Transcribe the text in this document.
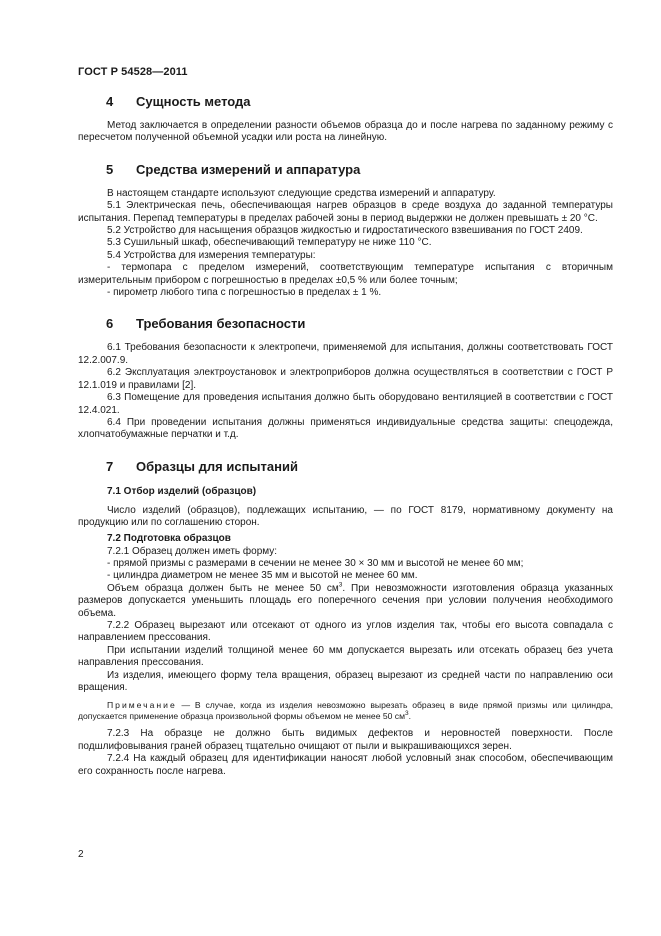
ГОСТ Р 54528—2011
4 Сущность метода

Метод заключается в определении разности объемов образца до и после нагрева по заданному режиму с пересчетом полученной объемной усадки или роста на линейную.

5 Средства измерений и аппаратура

В настоящем стандарте используют следующие средства измерений и аппаратуру.

5.1 Электрическая печь, обеспечивающая нагрев образцов в среде воздуха до заданной температуры испытания. Перепад температуры в пределах рабочей зоны в период выдержки не должен превышать ± 20 °С.

5.2 Устройство для насыщения образцов жидкостью и гидростатического взвешивания по ГОСТ 2409.

5.3 Сушильный шкаф, обеспечивающий температуру не ниже 110 °С.

5.4 Устройства для измерения температуры:

- термопара с пределом измерений, соответствующим температуре испытания с вторичным измерительным прибором с погрешностью в пределах ±0,5 % или более точным;

- пирометр любого типа с погрешностью в пределах ± 1 %.

6 Требования безопасности

6.1 Требования безопасности к электропечи, применяемой для испытания, должны соответствовать ГОСТ 12.2.007.9.

6.2 Эксплуатация электроустановок и электроприборов должна осуществляться в соответствии с ГОСТ Р 12.1.019 и правилами [2].

6.3 Помещение для проведения испытания должно быть оборудовано вентиляцией в соответствии с ГОСТ 12.4.021.

6.4 При проведении испытания должны применяться индивидуальные средства защиты: спецодежда, хлопчатобумажные перчатки и т.д.

7 Образцы для испытаний
7.1 Отбор изделий (образцов)

Число изделий (образцов), подлежащих испытанию, — по ГОСТ 8179, нормативному документу на продукцию или по соглашению сторон.

7.2 Подготовка образцов

7.2.1 Образец должен иметь форму:

- прямой призмы с размерами в сечении не менее 30 × 30 мм и высотой не менее 60 мм;

- цилиндра диаметром не менее 35 мм и высотой не менее 60 мм.

Объем образца должен быть не менее 50 $см^3$. При невозможности изготовления образца указанных размеров допускается уменьшить площадь его поперечного сечения при условии получения необходимого объема.

7.2.2 Образец вырезают или отсекают от одного из углов изделия так, чтобы его высота совпадала с направлением прессования.

При испытании изделий толщиной менее 60 мм допускается вырезать или отсекать образец без учета направления прессования.

Из изделия, имеющего форму тела вращения, образец вырезают из средней части по направлению оси вращения.

Примечание — В случае, когда из изделия невозможно вырезать образец в виде прямой призмы или цилиндра, допускается применение образца произвольной формы объемом не менее 50 $см^3$.

7.2.3 На образце не должно быть видимых дефектов и неровностей поверхности. После подшлифовывания граней образец тщательно очищают от пыли и выкрашивающихся зерен.

7.2.4 На каждый образец для идентификации наносят любой условный знак способом, обеспечивающим его сохранность после нагрева.

2
